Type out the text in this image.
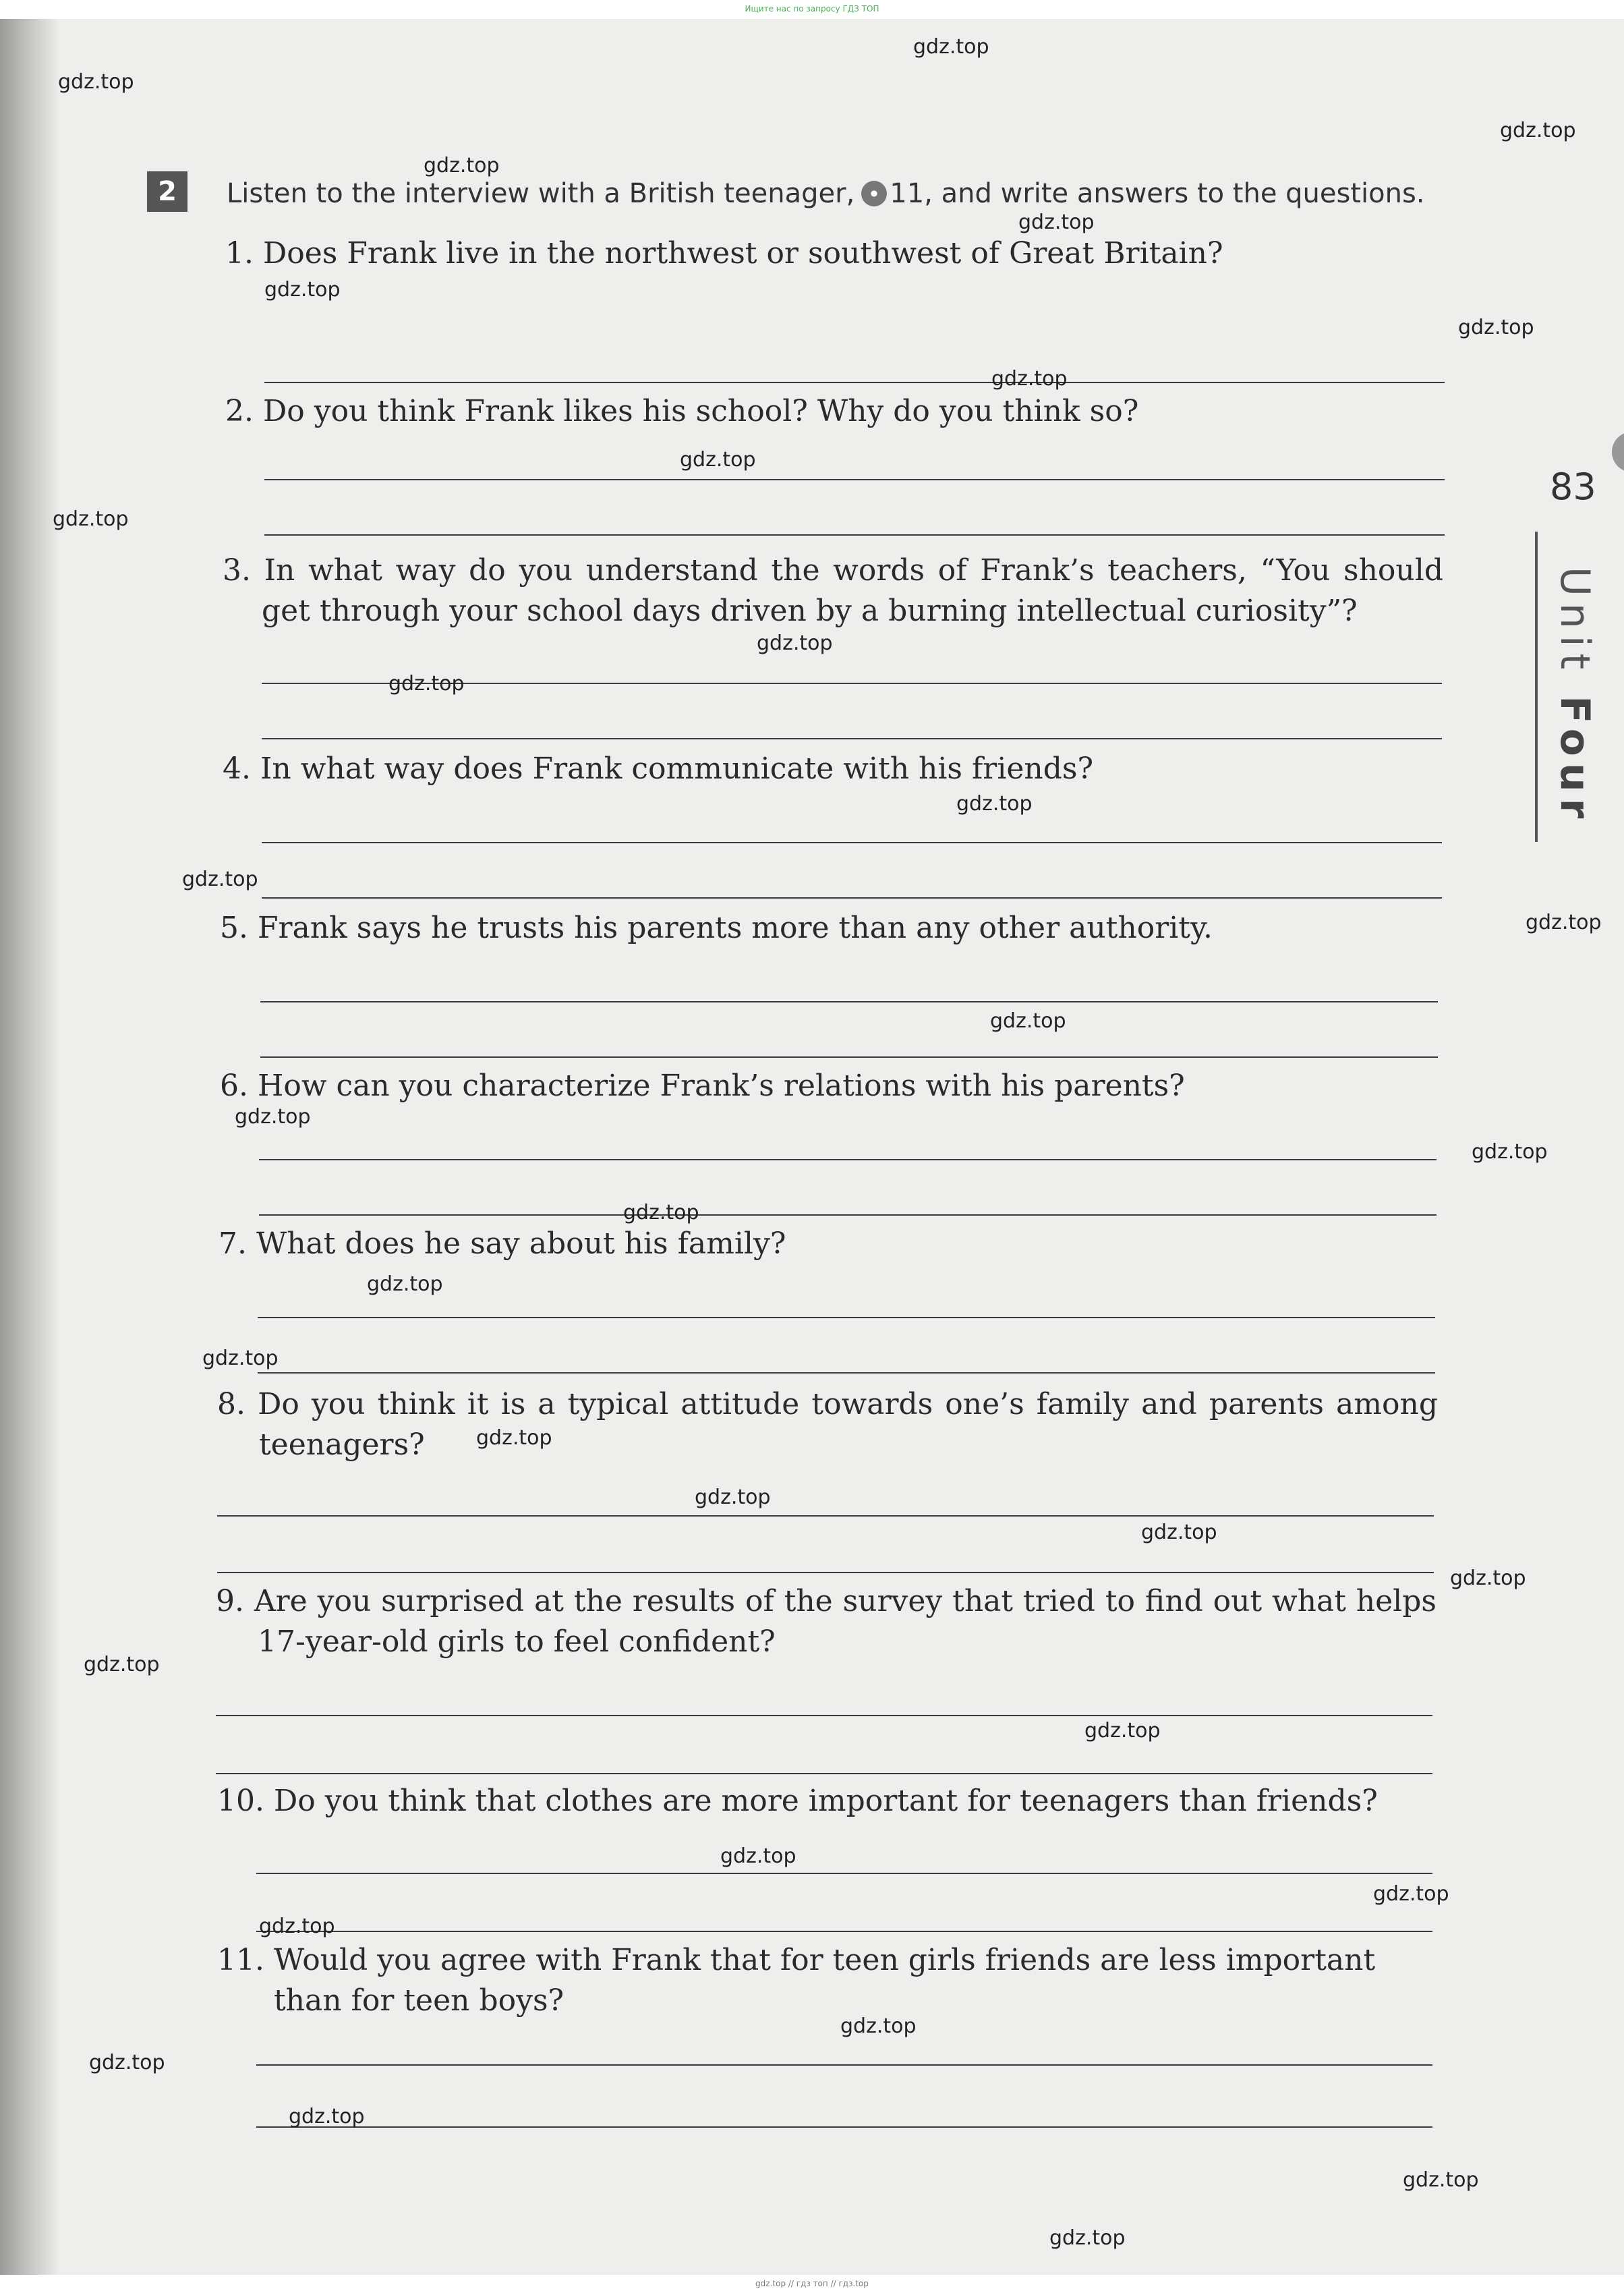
Ищите нас по запросу ГДЗ ТОП
gdz.top // гдз топ // гдз.top
2	Listen to the interview with a British teenager, 11, and write answers to the questions.
1. Does Frank live in the northwest or southwest of Great Britain?
2. Do you think Frank likes his school? Why do you think so?
3. In what way do you understand the words of Frank’s teachers, “You should get through your school days driven by a burning intellectual curiosity”?
4. In what way does Frank communicate with his friends?
5. Frank says he trusts his parents more than any other authority.
6. How can you characterize Frank’s relations with his parents?
7. What does he say about his family?
8. Do you think it is a typical attitude towards one’s family and parents among teenagers?
9. Are you surprised at the results of the survey that tried to find out what helps 17-year-old girls to feel confident?
10. Do you think that clothes are more important for teenagers than friends?
11. Would you agree with Frank that for teen girls friends are less important than for teen boys?
83
Unit Four
gdz.top
gdz.top
gdz.top
gdz.top
gdz.top
gdz.top
gdz.top
gdz.top
gdz.top
gdz.top
gdz.top
gdz.top
gdz.top
gdz.top
gdz.top
gdz.top
gdz.top
gdz.top
gdz.top
gdz.top
gdz.top
gdz.top
gdz.top
gdz.top
gdz.top
gdz.top
gdz.top
gdz.top
gdz.top
gdz.top
gdz.top
gdz.top
gdz.top
gdz.top
gdz.top
